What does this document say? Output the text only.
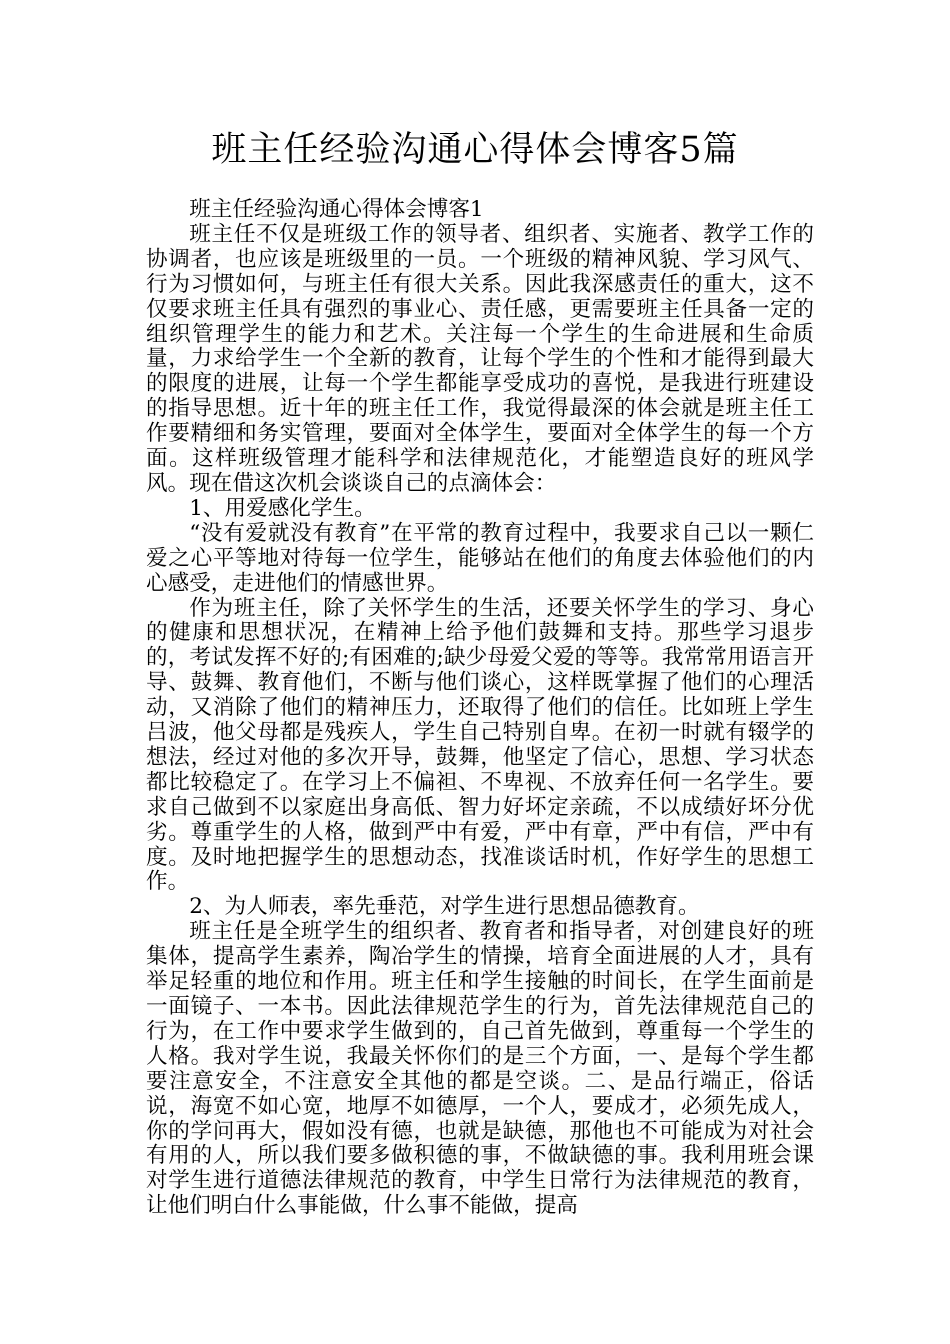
班主任经验沟通心得体会博客5篇

班主任经验沟通心得体会博客1

班主任不仅是班级工作的领导者、组织者、实施者、教学工作的协调者，也应该是班级里的一员。一个班级的精神风貌、学习风气、行为习惯如何，与班主任有很大关系。因此我深感责任的重大，这不仅要求班主任具有强烈的事业心、责任感，更需要班主任具备一定的组织管理学生的能力和艺术。关注每一个学生的生命进展和生命质量，力求给学生一个全新的教育，让每个学生的个性和才能得到最大的限度的进展，让每一个学生都能享受成功的喜悦，是我进行班建设的指导思想。近十年的班主任工作，我觉得最深的体会就是班主任工作要精细和务实管理，要面对全体学生，要面对全体学生的每一个方面。这样班级管理才能科学和法律规范化，才能塑造良好的班风学风。现在借这次机会谈谈自己的点滴体会：

1、用爱感化学生。

“没有爱就没有教育”在平常的教育过程中，我要求自己以一颗仁爱之心平等地对待每一位学生，能够站在他们的角度去体验他们的内心感受，走进他们的情感世界。

作为班主任，除了关怀学生的生活，还要关怀学生的学习、身心的健康和思想状况，在精神上给予他们鼓舞和支持。那些学习退步的，考试发挥不好的;有困难的;缺少母爱父爱的等等。我常常用语言开导、鼓舞、教育他们，不断与他们谈心，这样既掌握了他们的心理活动，又消除了他们的精神压力，还取得了他们的信任。比如班上学生吕波，他父母都是残疾人，学生自己特别自卑。在初一时就有辍学的想法，经过对他的多次开导，鼓舞，他坚定了信心，思想、学习状态都比较稳定了。在学习上不偏袒、不卑视、不放弃任何一名学生。要求自己做到不以家庭出身高低、智力好坏定亲疏，不以成绩好坏分优劣。尊重学生的人格，做到严中有爱，严中有章，严中有信，严中有度。及时地把握学生的思想动态，找准谈话时机，作好学生的思想工作。

2、为人师表，率先垂范，对学生进行思想品德教育。

班主任是全班学生的组织者、教育者和指导者，对创建良好的班集体，提高学生素养，陶冶学生的情操，培育全面进展的人才，具有举足轻重的地位和作用。班主任和学生接触的时间长，在学生面前是一面镜子、一本书。因此法律规范学生的行为，首先法律规范自己的行为，在工作中要求学生做到的，自己首先做到，尊重每一个学生的人格。我对学生说，我最关怀你们的是三个方面，一、是每个学生都要注意安全，不注意安全其他的都是空谈。二、是品行端正，俗话说，海宽不如心宽，地厚不如德厚，一个人，要成才，必须先成人，你的学问再大，假如没有德，也就是缺德，那他也不可能成为对社会有用的人，所以我们要多做积德的事，不做缺德的事。我利用班会课对学生进行道德法律规范的教育，中学生日常行为法律规范的教育，让他们明白什么事能做，什么事不能做，提高
